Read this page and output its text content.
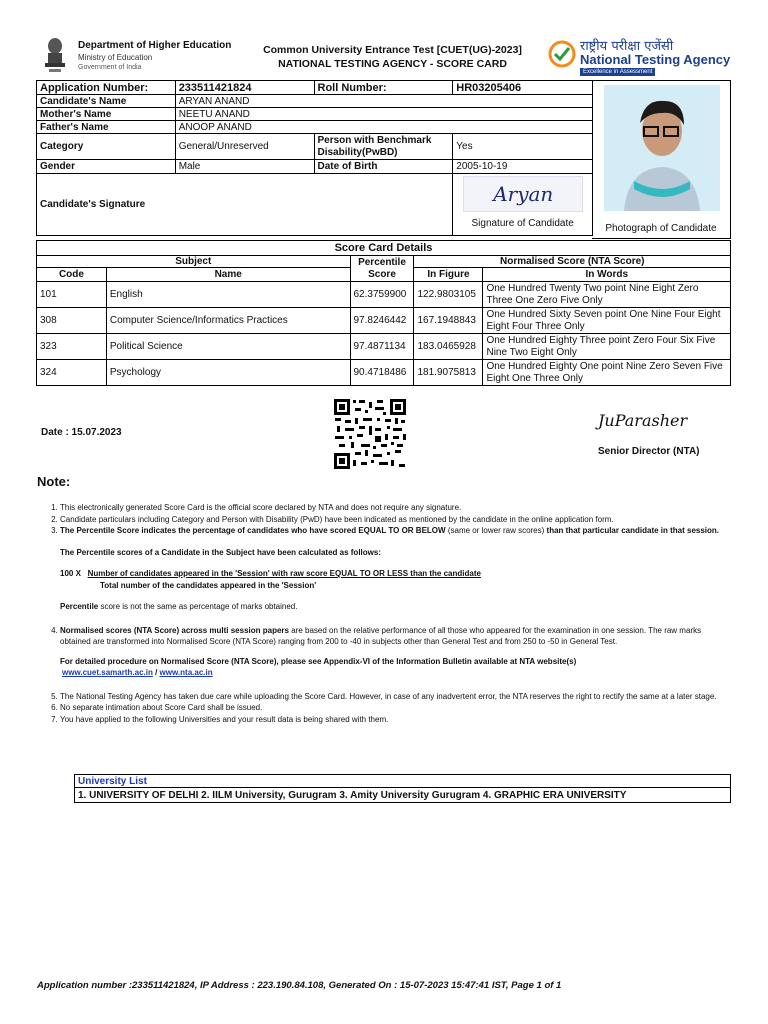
Department of Higher Education
Ministry of Education
Government of India
Common University Entrance Test [CUET(UG)-2023]
NATIONAL TESTING AGENCY - SCORE CARD
राष्ट्रीय परीक्षा एजेंसी
National Testing Agency
Excellence in Assessment
Application Number:	233511421824	Roll Number:	HR03205406
Candidate's Name	ARYAN ANAND		
Mother's Name	NEETU ANAND		
Father's Name	ANOOP ANAND		
Category	General/Unreserved	Person with Benchmark Disability(PwBD)	Yes
Gender	Male	Date of Birth	2005-10-19
Candidate's Signature			Aryan
Signature of Candidate	Photograph of Candidate
Score Card Details				
Subject		Percentile Score	Normalised Score (NTA Score)	
Code	Name		In Figure	In Words
101	English	62.3759900	122.9803105	One Hundred Twenty Two point Nine Eight Zero Three One Zero Five Only
308	Computer Science/Informatics Practices	97.8246442	167.1948843	One Hundred Sixty Seven point One Nine Four Eight Eight Four Three Only
323	Political Science	97.4871134	183.0465928	One Hundred Eighty Three point Zero Four Six Five Nine Two Eight Only
324	Psychology	90.4718486	181.9075813	One Hundred Eighty One point Nine Zero Seven Five Eight One Three Only
Date : 15.07.2023
JuParasher
Senior Director (NTA)
Note:
1. This electronically generated Score Card is the official score declared by NTA and does not require any signature.
2. Candidate particulars including Category and Person with Disability (PwD) have been indicated as mentioned by the candidate in the online application form.
3. The Percentile Score indicates the percentage of candidates who have scored EQUAL TO OR BELOW (same or lower raw scores) than that particular candidate in that session.
The Percentile scores of a Candidate in the Subject have been calculated as follows:
100 X Number of candidates appeared in the 'Session' with raw score EQUAL TO OR LESS than the candidate
Total number of the candidates appeared in the 'Session'
Percentile score is not the same as percentage of marks obtained.
4. Normalised scores (NTA Score) across multi session papers are based on the relative performance of all those who appeared for the examination in one session. The raw marks obtained are transformed into Normalised Score (NTA Score) ranging from 200 to -40 in subjects other than General Test and from 250 to -50 in General Test.
For detailed procedure on Normalised Score (NTA Score), please see Appendix-VI of the Information Bulletin available at NTA website(s)
www.cuet.samarth.ac.in / www.nta.ac.in
5. The National Testing Agency has taken due care while uploading the Score Card. However, in case of any inadvertent error, the NTA reserves the right to rectify the same at a later stage.
6. No separate intimation about Score Card shall be issued.
7. You have applied to the following Universities and your result data is being shared with them.
University List
1. UNIVERSITY OF DELHI 2. IILM University, Gurugram 3. Amity University Gurugram 4. GRAPHIC ERA UNIVERSITY
Application number :233511421824, IP Address : 223.190.84.108, Generated On : 15-07-2023 15:47:41 IST, Page 1 of 1
